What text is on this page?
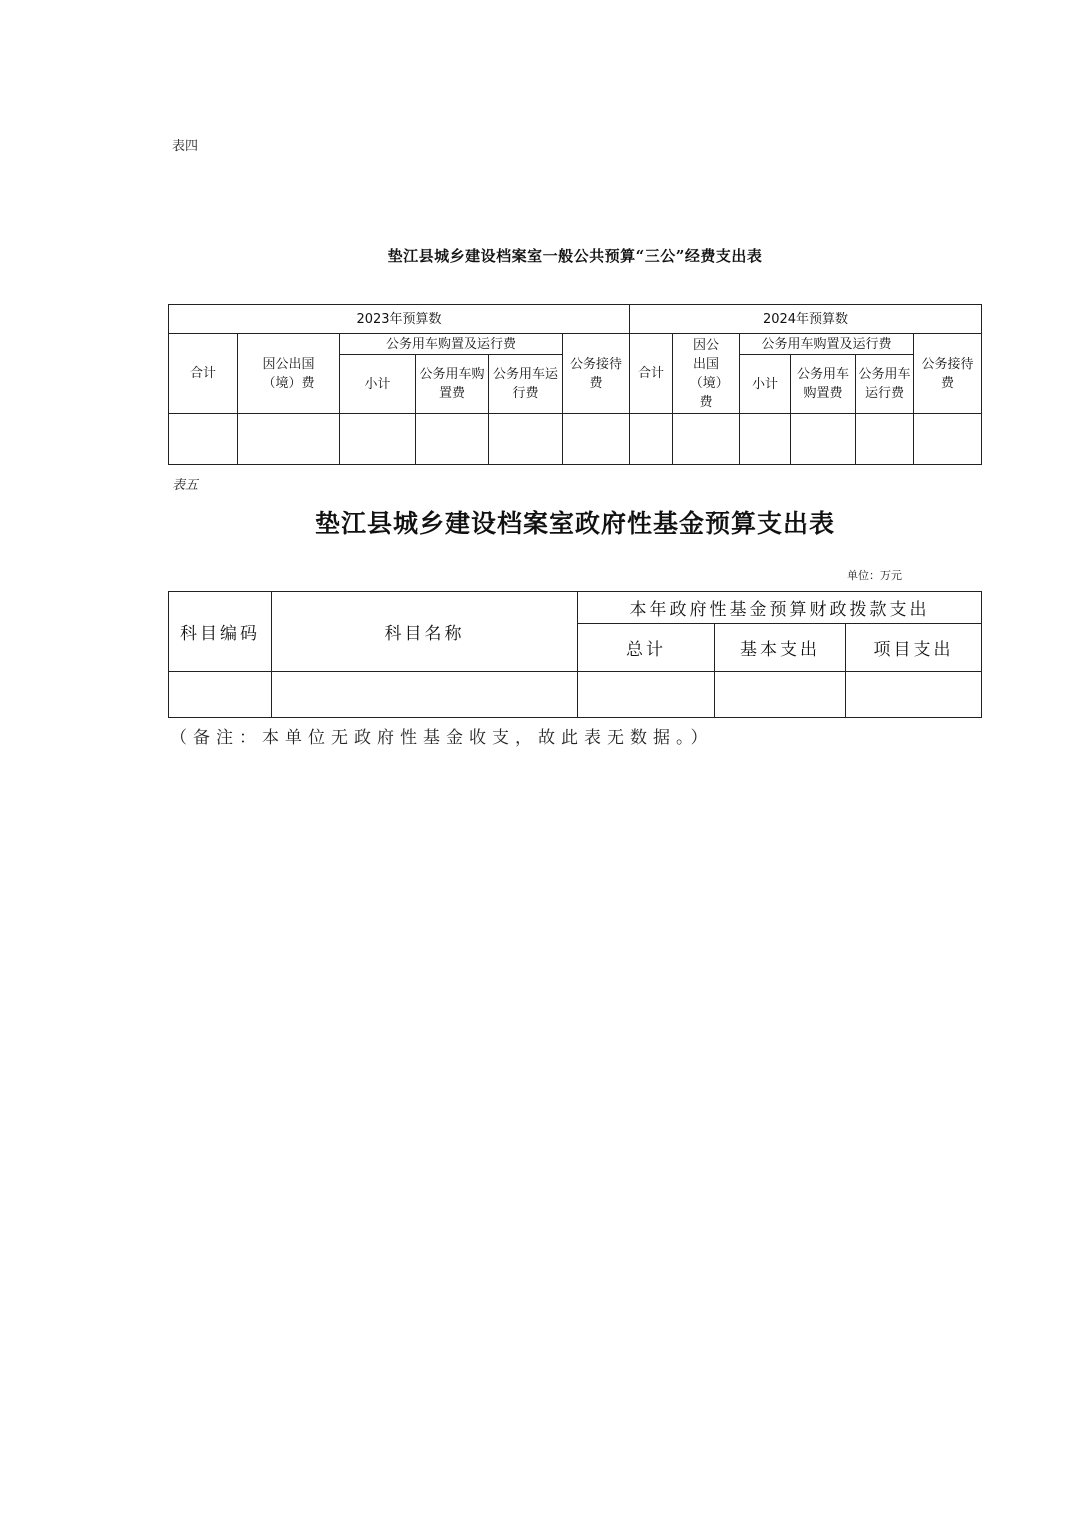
表四
垫江县城乡建设档案室一般公共预算“三公”经费支出表
2023年预算数						2024年预算数					
合计	因公出国（境）费	公务用车购置及运行费			公务接待费	合计	因公出国（境）费	公务用车购置及运行费			公务接待费
		小计	公务用车购置费	公务用车运行费				小计	公务用车购置费	公务用车运行费	

表五
垫江县城乡建设档案室政府性基金预算支出表
单位：万元
科目编码	科目名称	本年政府性基金预算财政拨款支出		
		总计	基本支出	项目支出

（备注：本单位无政府性基金收支，故此表无数据。）
